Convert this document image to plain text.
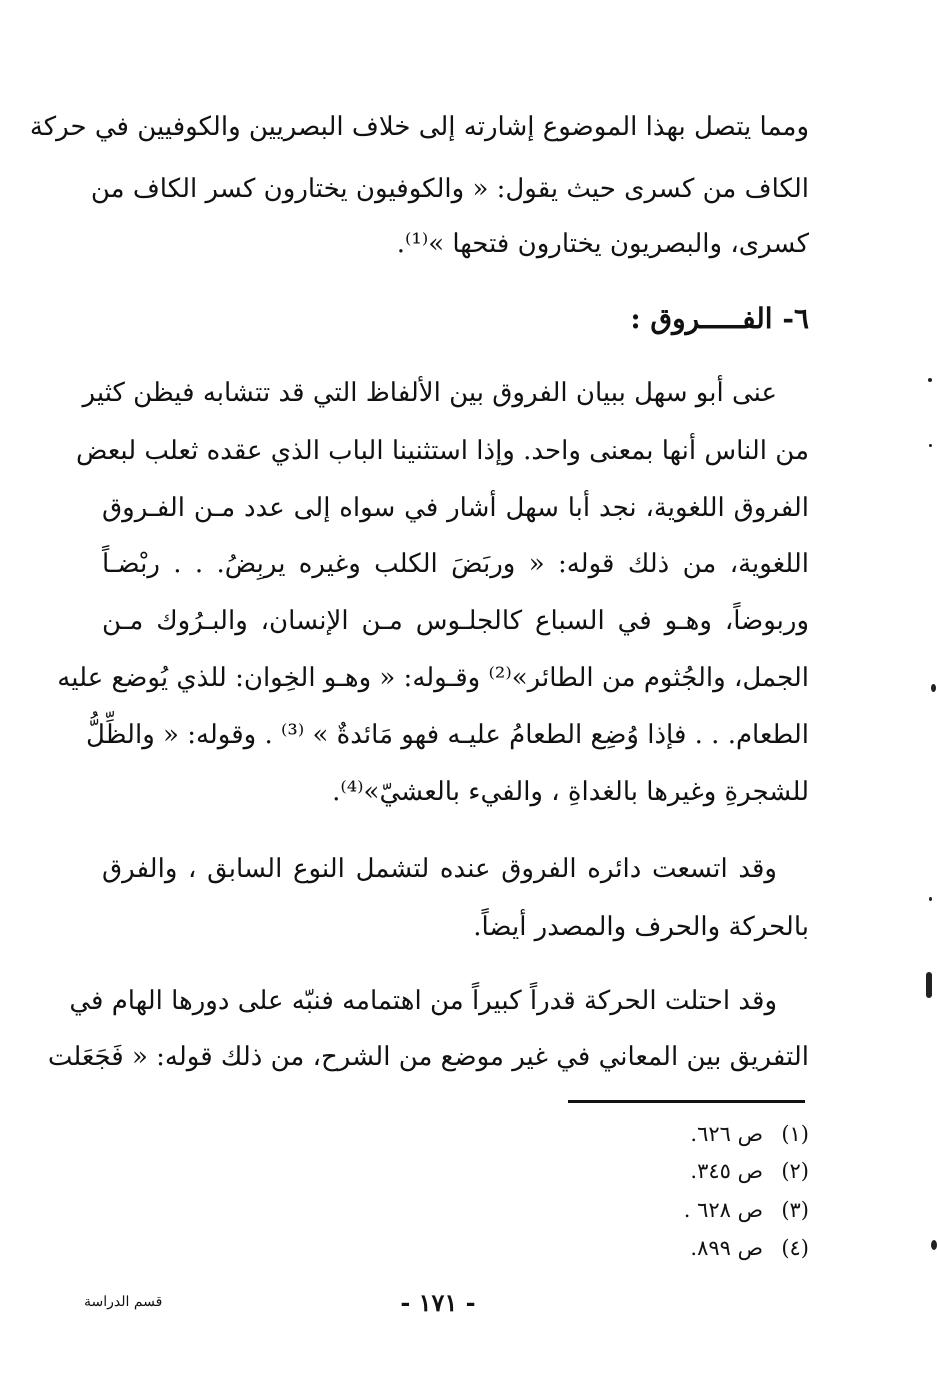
ومما يتصل بهذا الموضوع إشارته إلى خلاف البصريين والكوفيين في حركة
الكاف من كسرى حيث يقول: « والكوفيون يختارون كسر الكاف من
كسرى، والبصريون يختارون فتحها »⁽¹⁾.
٦- الفـــــروق :
عنى أبو سهل ببيان الفروق بين الألفاظ التي قد تتشابه فيظن كثير
من الناس أنها بمعنى واحد. وإذا استثنينا الباب الذي عقده ثعلب لبعض
الفروق اللغوية، نجد أبا سهل أشار في سواه إلى عدد مـن الفـروق
اللغوية، من ذلك قوله: « وربَضَ الكلب وغيره يربِضُ. . . ربْضـاً
وربوضاً، وهـو في السباع كالجلـوس مـن الإنسان، والبـرُوك مـن
الجمل، والجُثوم من الطائر»⁽²⁾ وقـوله: « وهـو الخِوان: للذي يُوضع عليه
الطعام. . . فإذا وُضِع الطعامُ عليـه فهو مَائدةٌ » ⁽³⁾ . وقوله: « والظِّلُّ
للشجرةِ وغيرها بالغداةِ ، والفيء بالعشيّ»⁽⁴⁾.
وقد اتسعت دائره الفروق عنده لتشمل النوع السابق ، والفرق
بالحركة والحرف والمصدر أيضاً.
وقد احتلت الحركة قدراً كبيراً من اهتمامه فنبّه على دورها الهام في
التفريق بين المعاني في غير موضع من الشرح، من ذلك قوله: « فَجَعَلت
(١)ص ٦٢٦.
(٢)ص ٣٤٥.
(٣)ص ٦٢٨ .
(٤)ص ٨٩٩.
- ١٧١ -
قسم الدراسة
